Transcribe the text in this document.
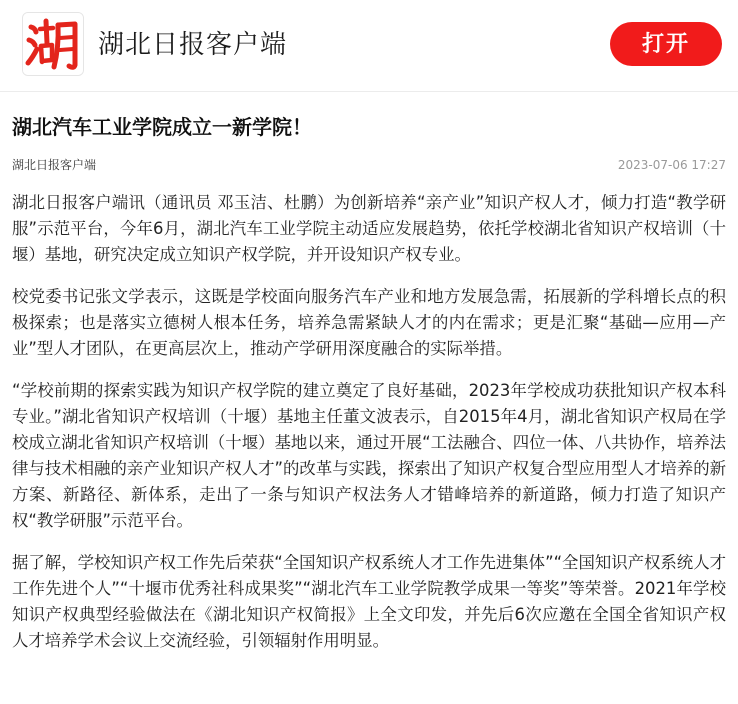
湖北日报客户端	打开
湖北汽车工业学院成立一新学院！
湖北日报客户端	2023-07-06 17:27

湖北日报客户端讯（通讯员 邓玉洁、杜鹏）为创新培养“亲产业”知识产权人才，倾力打造“教学研服”示范平台，今年6月，湖北汽车工业学院主动适应发展趋势，依托学校湖北省知识产权培训（十堰）基地，研究决定成立知识产权学院，并开设知识产权专业。

校党委书记张文学表示，这既是学校面向服务汽车产业和地方发展急需，拓展新的学科增长点的积极探索；也是落实立德树人根本任务，培养急需紧缺人才的内在需求；更是汇聚“基础—应用—产业”型人才团队，在更高层次上，推动产学研用深度融合的实际举措。

“学校前期的探索实践为知识产权学院的建立奠定了良好基础，2023年学校成功获批知识产权本科专业。”湖北省知识产权培训（十堰）基地主任董文波表示，自2015年4月，湖北省知识产权局在学校成立湖北省知识产权培训（十堰）基地以来，通过开展“工法融合、四位一体、八共协作，培养法律与技术相融的亲产业知识产权人才”的改革与实践，探索出了知识产权复合型应用型人才培养的新方案、新路径、新体系，走出了一条与知识产权法务人才错峰培养的新道路，倾力打造了知识产权“教学研服”示范平台。

据了解，学校知识产权工作先后荣获“全国知识产权系统人才工作先进集体”“全国知识产权系统人才工作先进个人”“十堰市优秀社科成果奖”“湖北汽车工业学院教学成果一等奖”等荣誉。2021年学校知识产权典型经验做法在《湖北知识产权简报》上全文印发，并先后6次应邀在全国全省知识产权人才培养学术会议上交流经验，引领辐射作用明显。
